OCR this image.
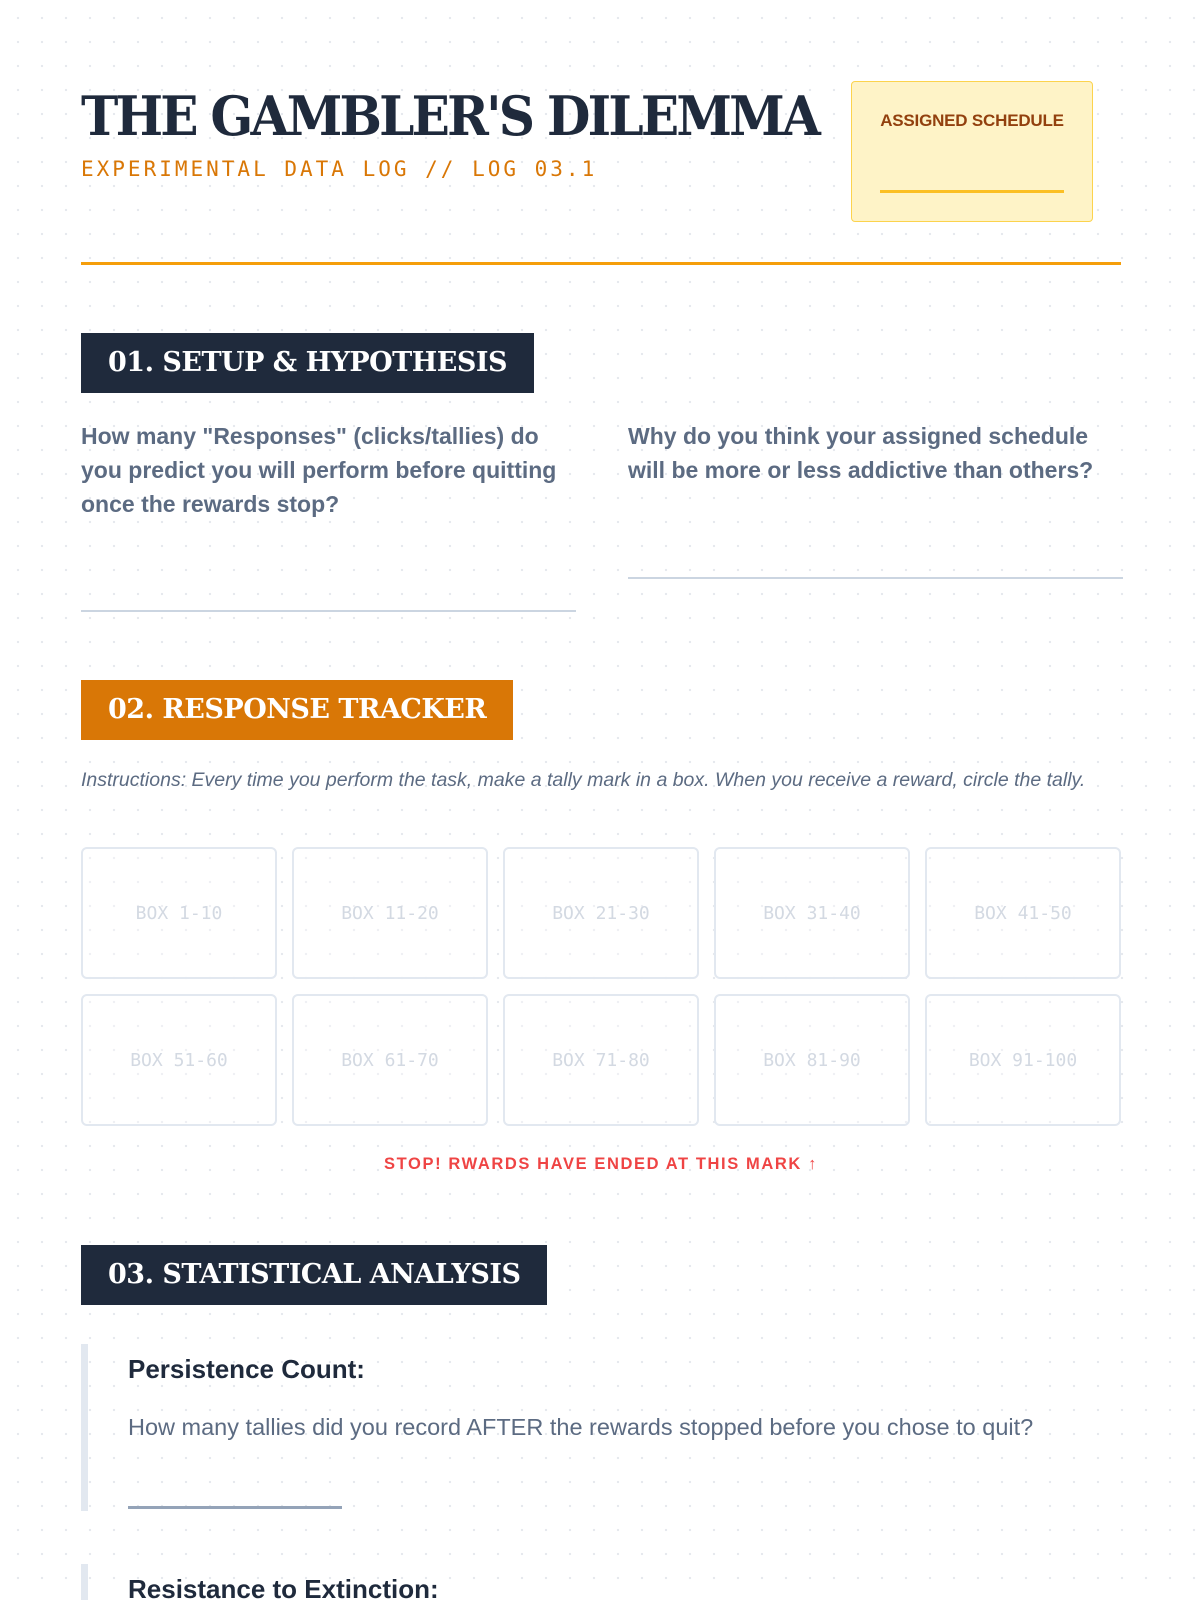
THE GAMBLER'S DILEMMA
EXPERIMENTAL DATA LOG // LOG 03.1
ASSIGNED SCHEDULE
01. SETUP & HYPOTHESIS

How many "Responses" (clicks/tallies) do you predict you will perform before quitting once the rewards stop?

Why do you think your assigned schedule will be more or less addictive than others?

02. RESPONSE TRACKER

Instructions: Every time you perform the task, make a tally mark in a box. When you receive a reward, circle the tally.

BOX 1-10	BOX 11-20	BOX 21-30	BOX 31-40	BOX 41-50
BOX 51-60	BOX 61-70	BOX 71-80	BOX 81-90	BOX 91-100
STOP! RWARDS HAVE ENDED AT THIS MARK ↑
03. STATISTICAL ANALYSIS
Persistence Count:
How many tallies did you record AFTER the rewards stopped before you chose to quit?
Resistance to Extinction:
